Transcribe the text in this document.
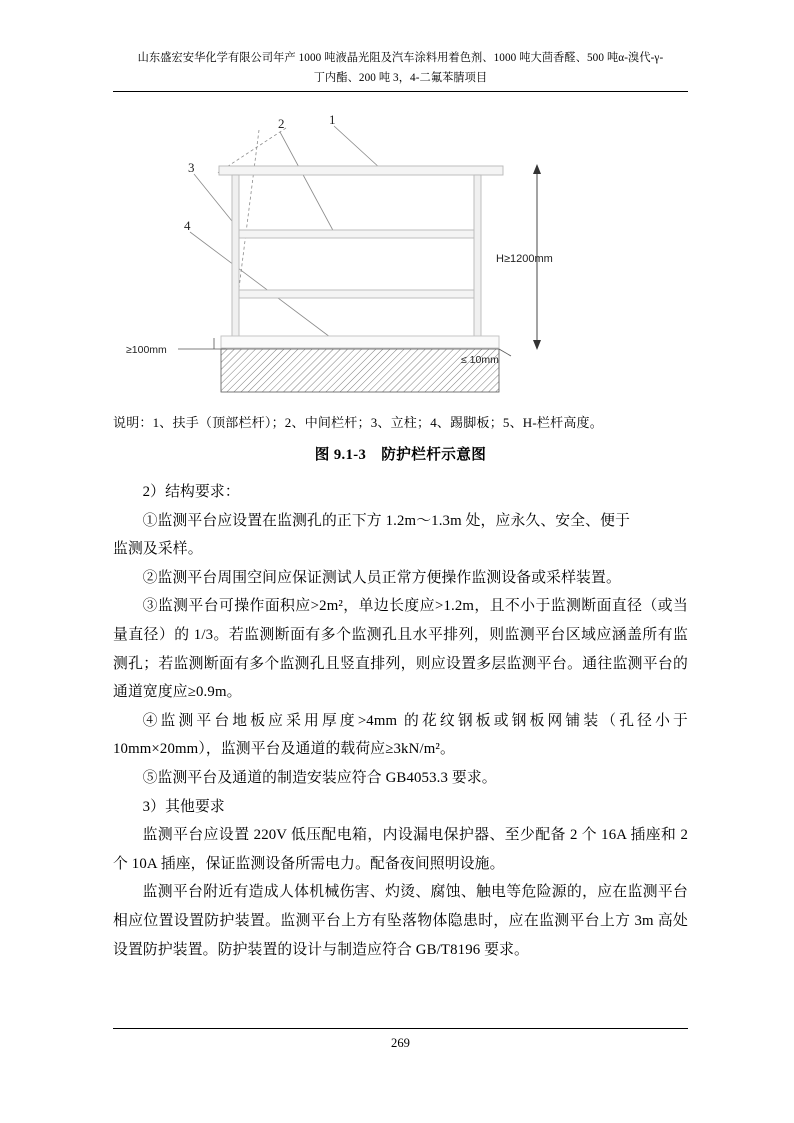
山东盛宏安华化学有限公司年产 1000 吨液晶光阻及汽车涂料用着色剂、1000 吨大茴香醛、500 吨α-溴代-γ-
丁内酯、200 吨 3，4-二氟苯腈项目
1
2
3
4
H≥1200mm
≥100mm
≤ 10mm
说明：1、扶手（顶部栏杆）；2、中间栏杆；3、立柱；4、踢脚板；5、H-栏杆高度。
图 9.1-3　防护栏杆示意图

2）结构要求：

①监测平台应设置在监测孔的正下方 1.2m～1.3m 处，应永久、安全、便于

监测及采样。

②监测平台周围空间应保证测试人员正常方便操作监测设备或采样装置。

③监测平台可操作面积应>2m²，单边长度应>1.2m，且不小于监测断面直径（或当量直径）的 1/3。若监测断面有多个监测孔且水平排列，则监测平台区域应涵盖所有监测孔；若监测断面有多个监测孔且竖直排列，则应设置多层监测平台。通往监测平台的通道宽度应≥0.9m。

④监测平台地板应采用厚度>4mm 的花纹钢板或钢板网铺装（孔径小于 10mm×20mm），监测平台及通道的载荷应≥3kN/m²。

⑤监测平台及通道的制造安装应符合 GB4053.3 要求。

3）其他要求

监测平台应设置 220V 低压配电箱，内设漏电保护器、至少配备 2 个 16A 插座和 2 个 10A 插座，保证监测设备所需电力。配备夜间照明设施。

监测平台附近有造成人体机械伤害、灼烫、腐蚀、触电等危险源的，应在监测平台相应位置设置防护装置。监测平台上方有坠落物体隐患时，应在监测平台上方 3m 高处设置防护装置。防护装置的设计与制造应符合 GB/T8196 要求。

269
